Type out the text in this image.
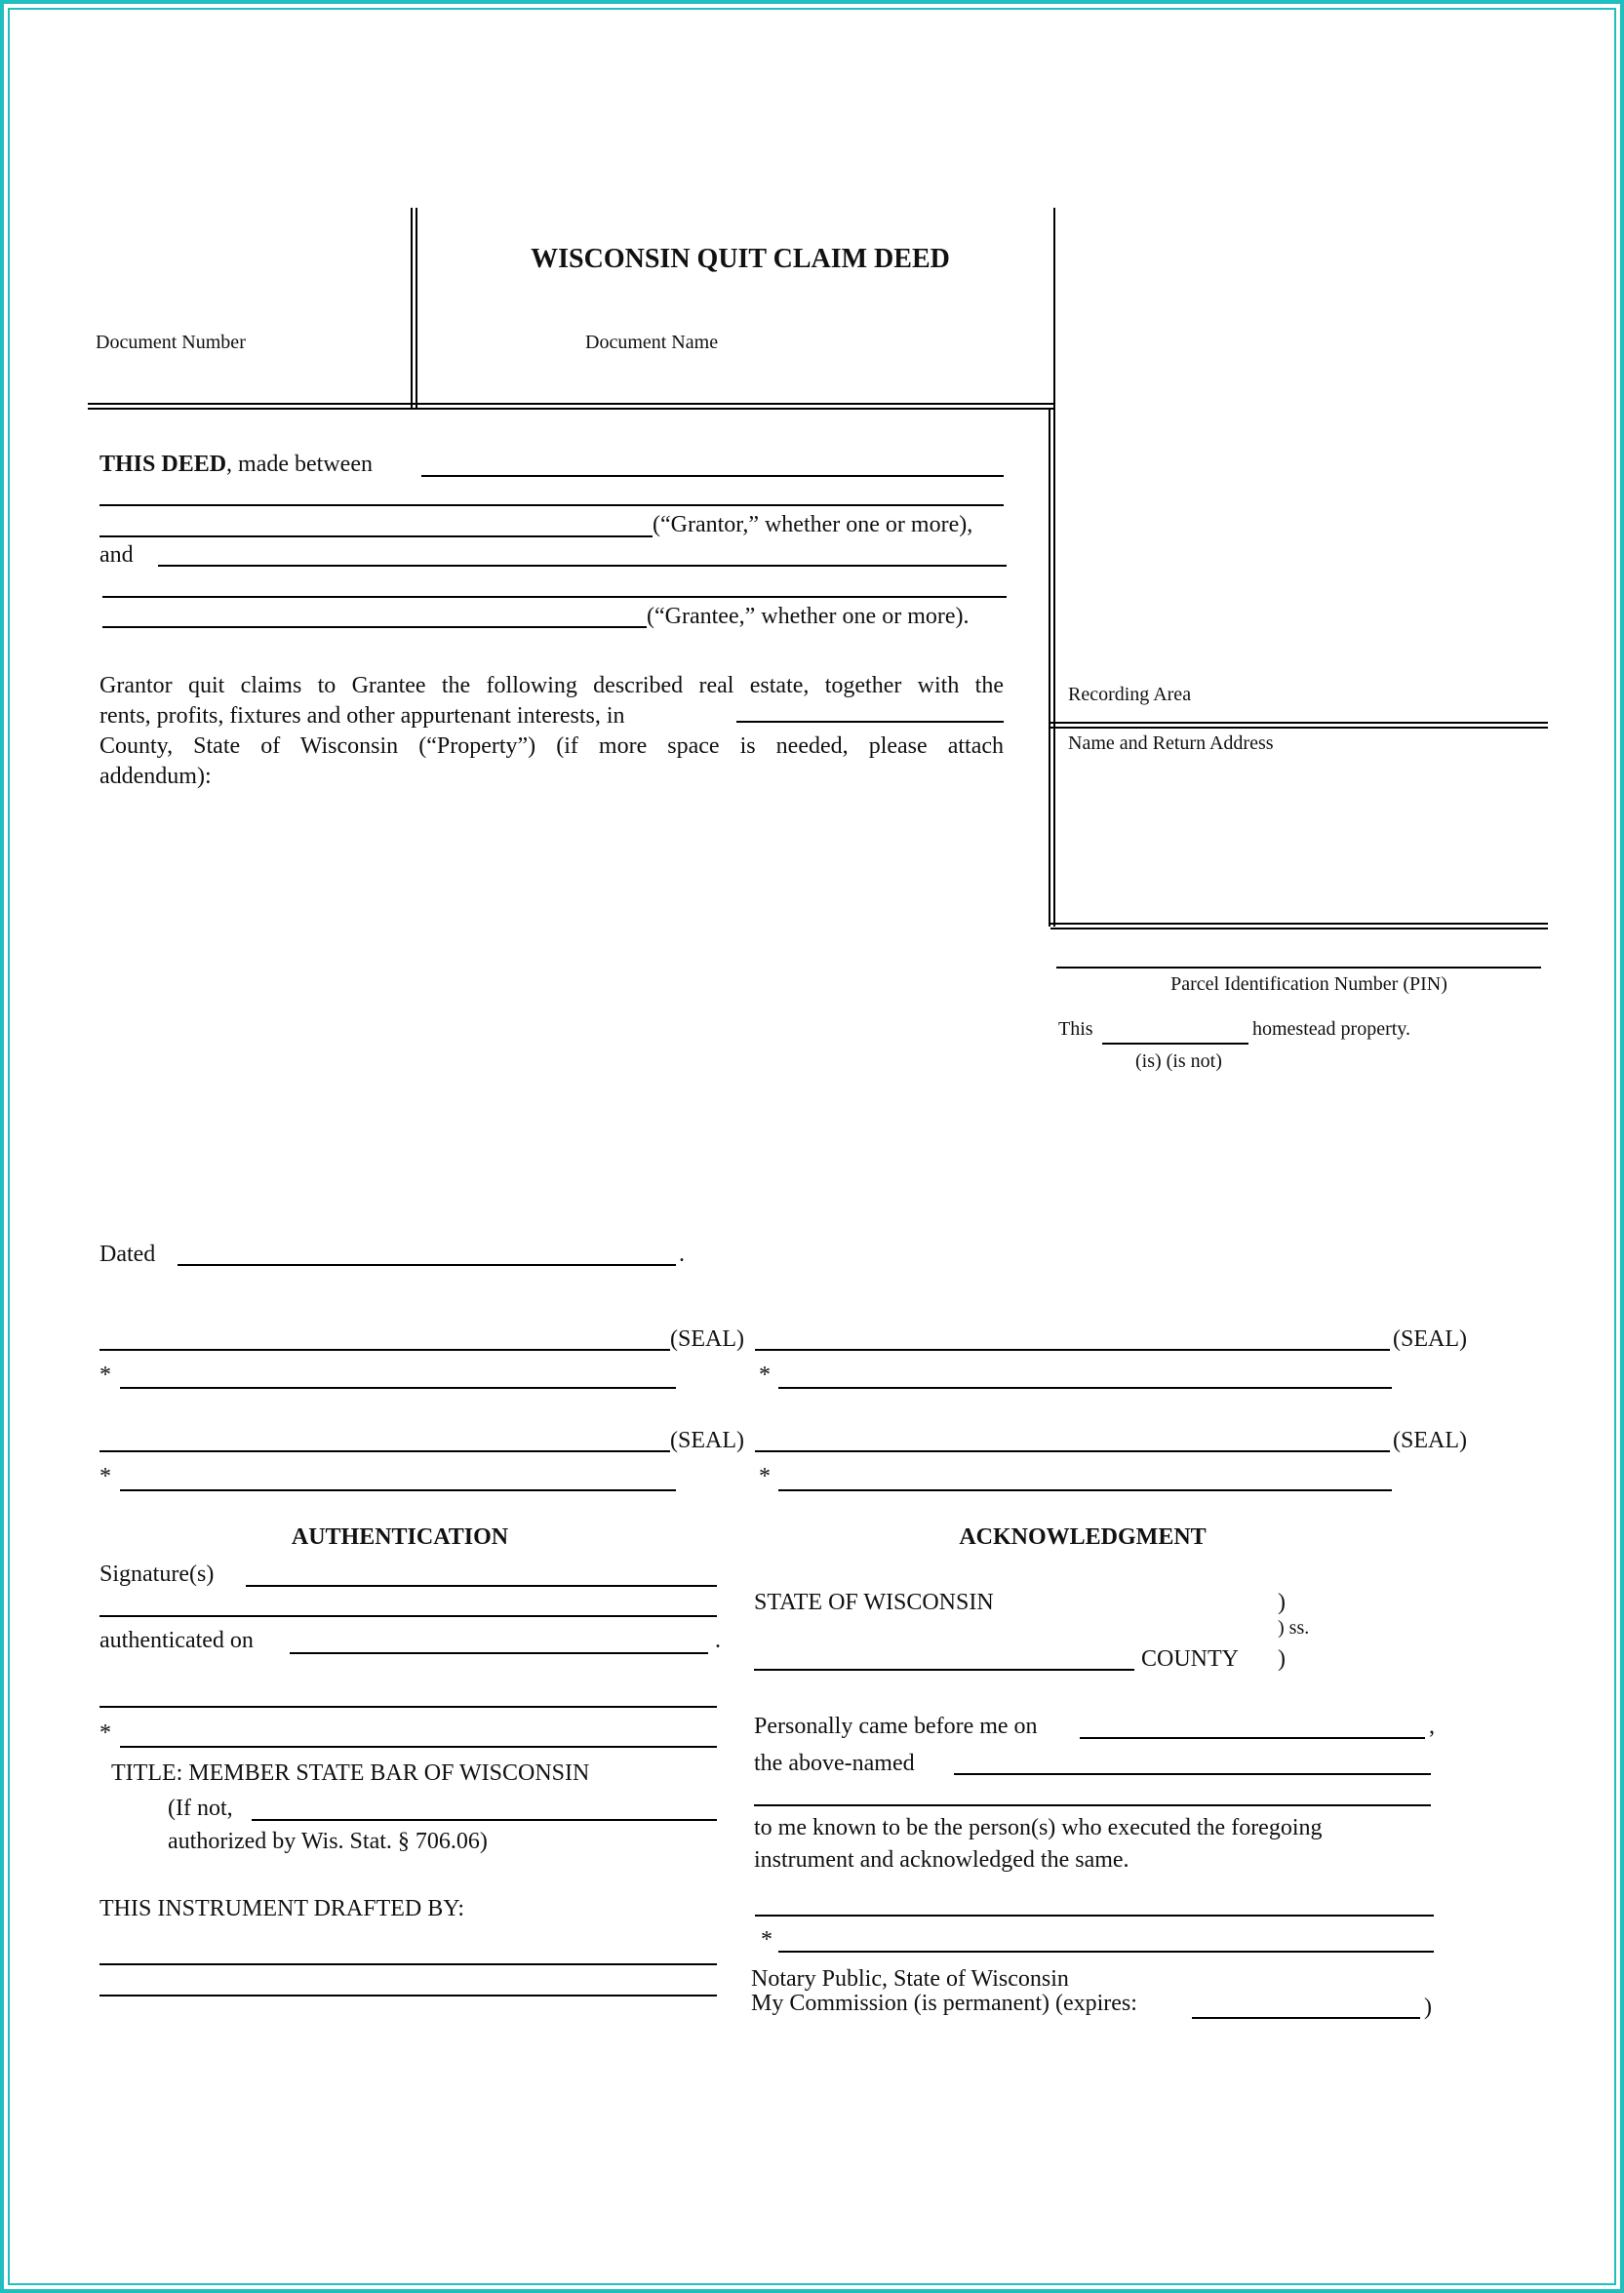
WISCONSIN QUIT CLAIM DEED
Document Number	Document Name
Recording Area
Name and Return Address
Parcel Identification Number (PIN)
This	homestead property.
(is) (is not)
THIS DEED, made between
(“Grantor,” whether one or more),
and
(“Grantee,” whether one or more).
Grantor quit claims to Grantee the following described real estate, together with the
rents, profits, fixtures and other appurtenant interests, in
County, State of Wisconsin (“Property”) (if more space is needed, please attach
addendum):
Dated	.
(SEAL)	(SEAL)
*	*
(SEAL)	(SEAL)
*	*
AUTHENTICATION
Signature(s)
authenticated on	.
*
TITLE: MEMBER STATE BAR OF WISCONSIN
(If not,
authorized by Wis. Stat. § 706.06)
THIS INSTRUMENT DRAFTED BY:
ACKNOWLEDGMENT
STATE OF WISCONSIN	)
) ss.
)
COUNTY
Personally came before me on	,
the above-named
to me known to be the person(s) who executed the foregoing
instrument and acknowledged the same.
*
Notary Public, State of Wisconsin
My Commission (is permanent) (expires:	)
